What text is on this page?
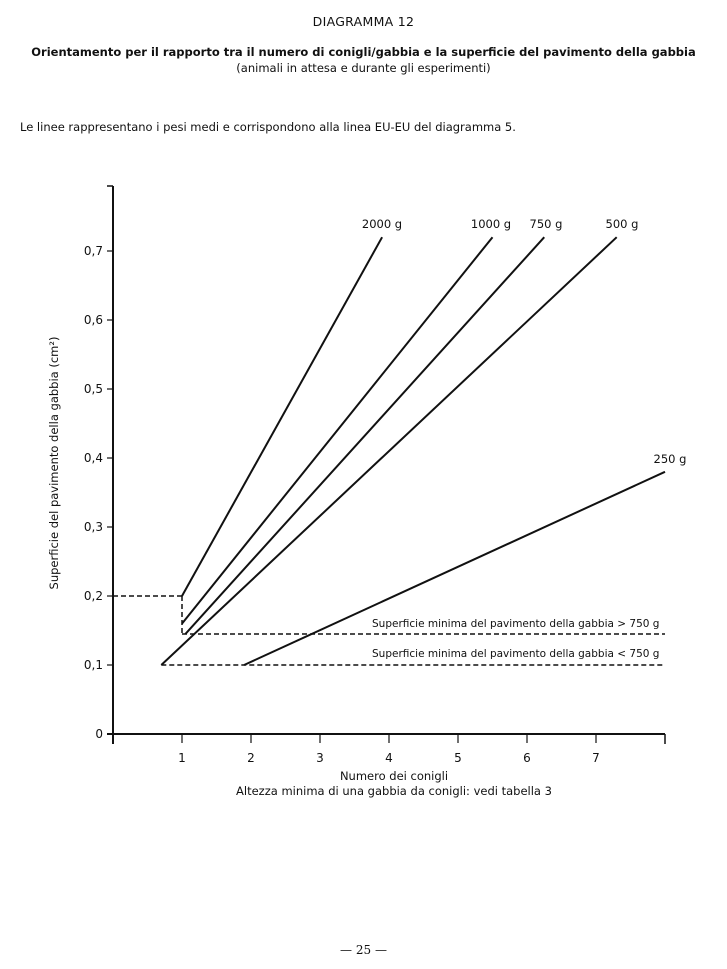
DIAGRAMMA 12
Orientamento per il rapporto tra il numero di conigli/gabbia e la superficie del pavimento della gabbia
(animali in attesa e durante gli esperimenti)
Le linee rappresentano i pesi medi e corrispondono alla linea EU-EU del diagramma 5.
0
0,1
0,2
0,3
0,4
0,5
0,6
0,7
1	2	3	4	5	6	7
Superficie minima del pavimento della gabbia > 750 g
Superficie minima del pavimento della gabbia < 750 g
2000 g	1000 g 750 g	500 g
250 g
Superficie del pavimento della gabbia (cm²)
Numero dei conigli
Altezza minima di una gabbia da conigli: vedi tabella 3
— 25 —
